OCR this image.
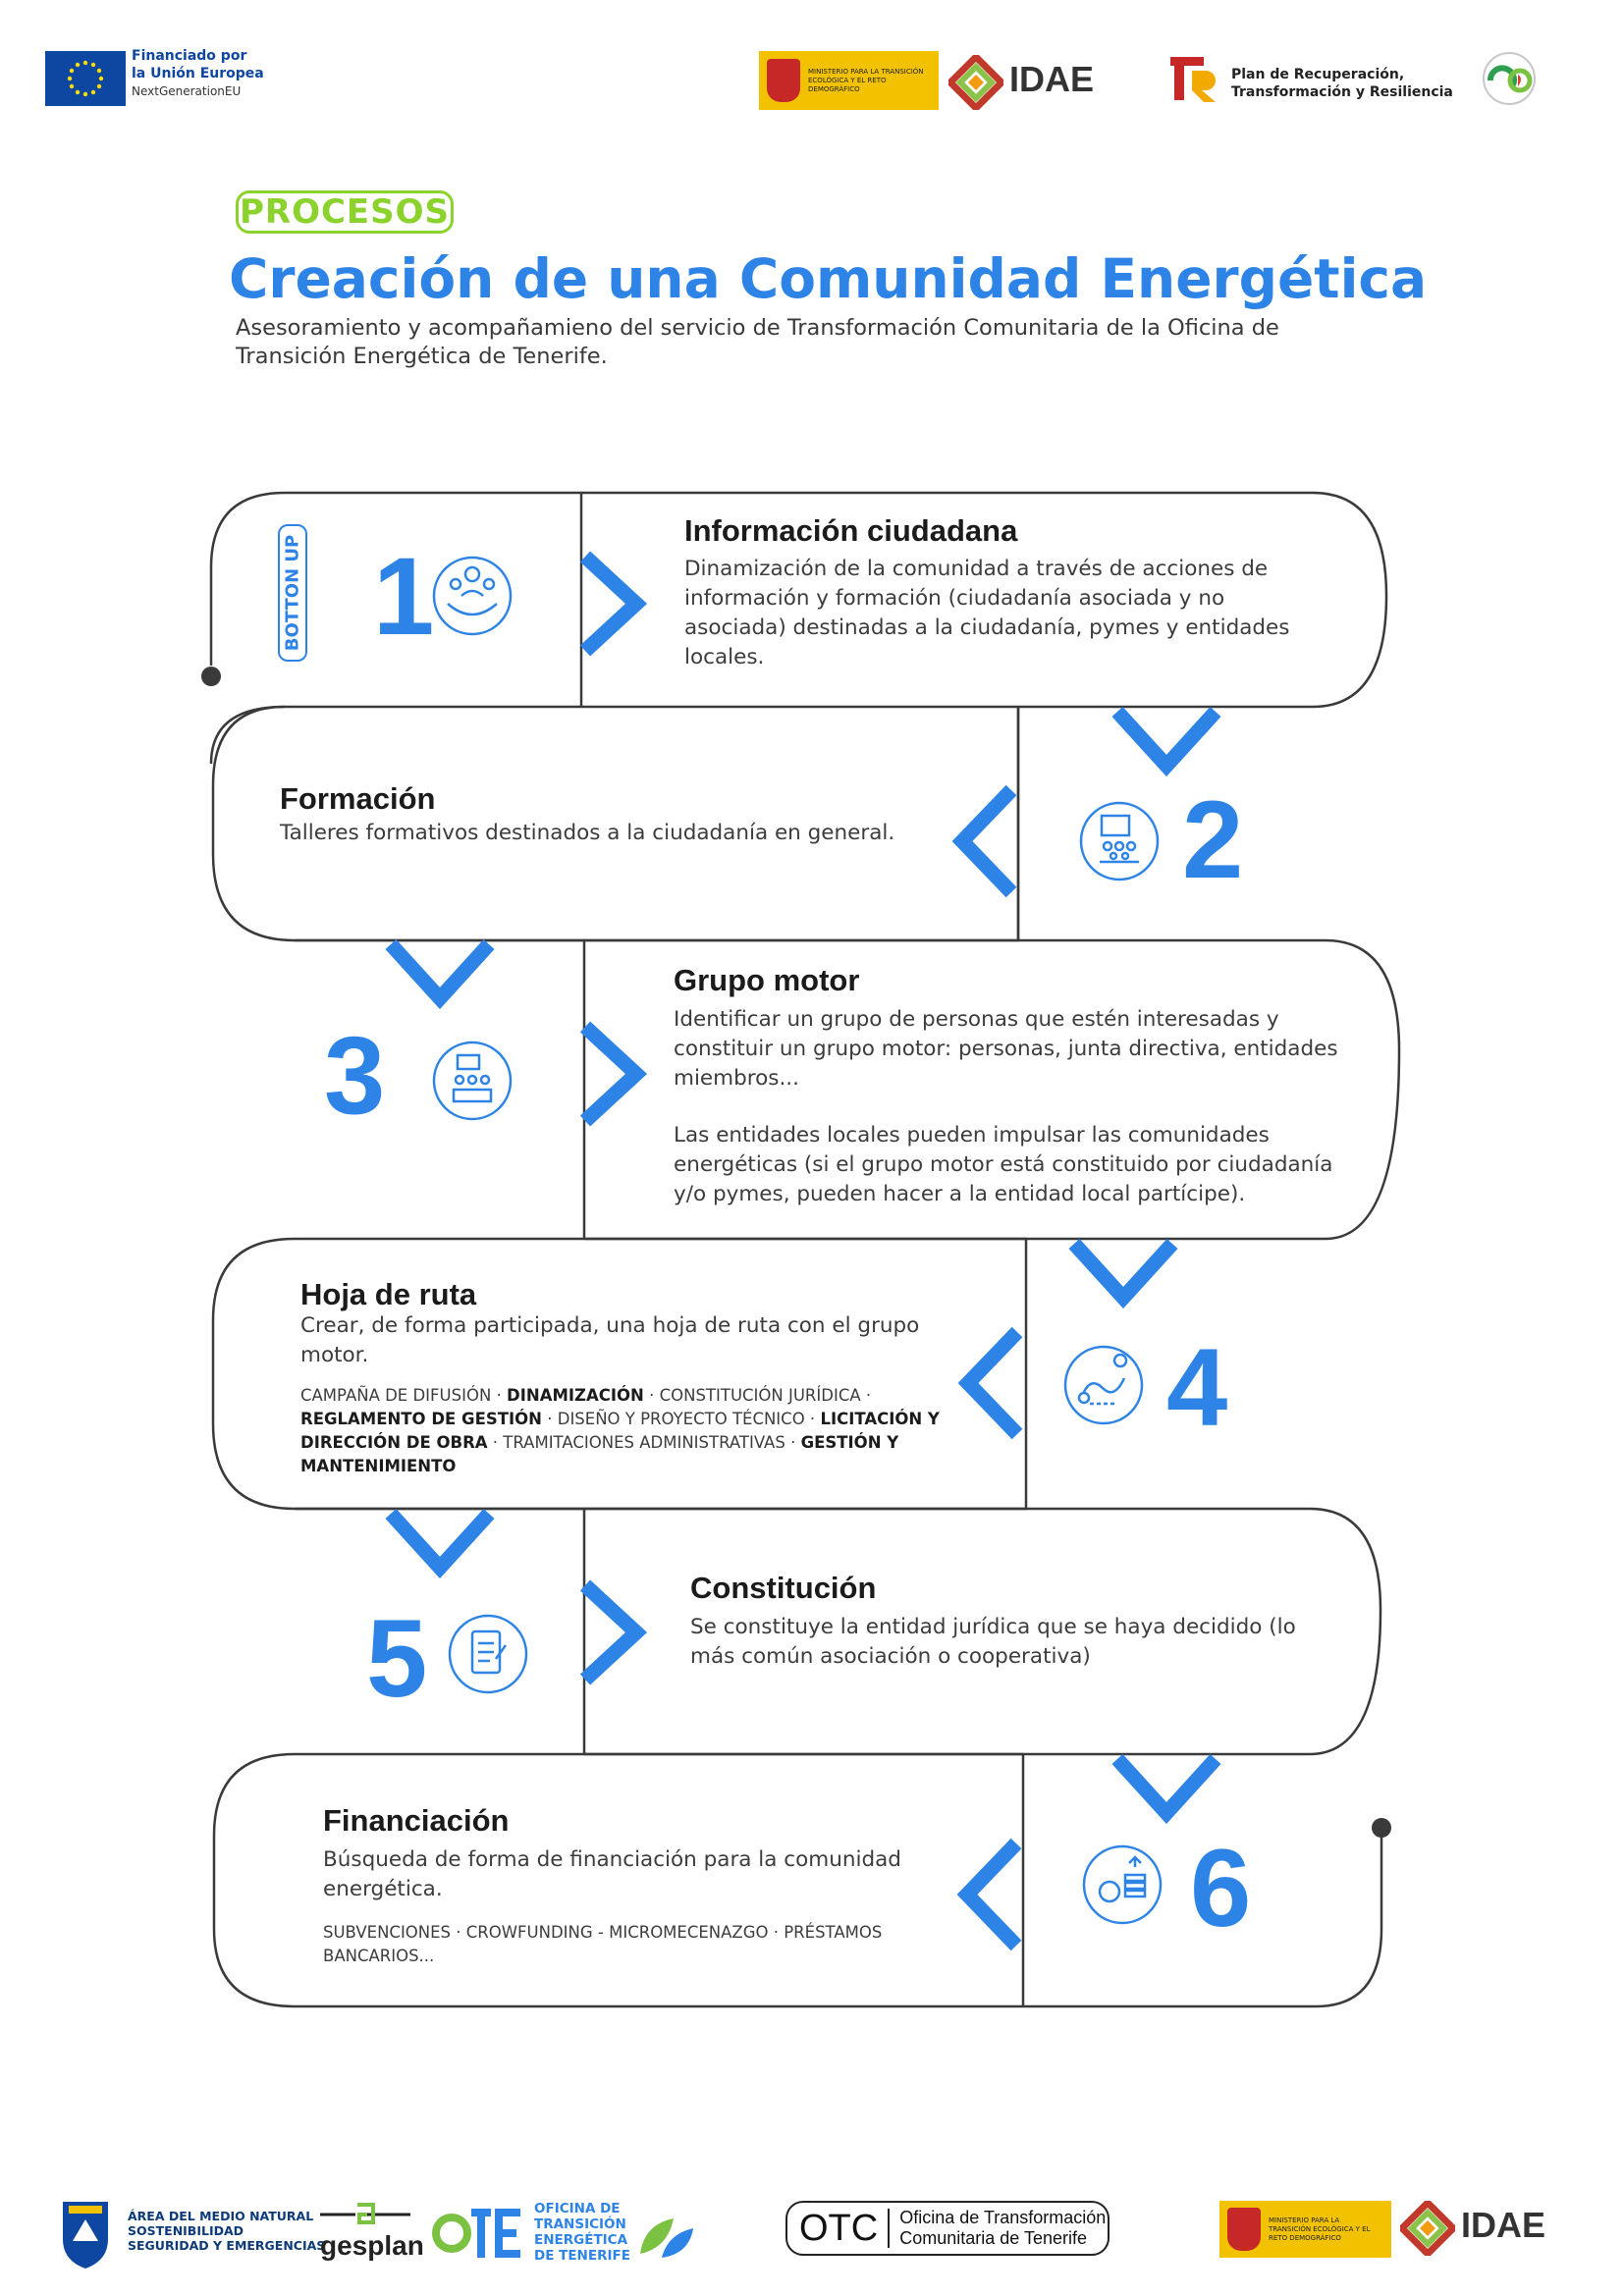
Financiado por
la Unión Europea
NextGenerationEU
MINISTERIO PARA LA TRANSICIÓN ECOLÓGICA Y EL RETO DEMOGRÁFICO	IDAE	Plan de Recuperación,
Transformación y Resiliencia
PROCESOS
Creación de una Comunidad Energética
Asesoramiento y acompañamieno del servicio de Transformación Comunitaria de la Oficina de Transición Energética de Tenerife.
BOTTON UP 1
2
3
4
5
6
Información ciudadana
Dinamización de la comunidad a través de acciones de información y formación (ciudadanía asociada y no asociada) destinadas a la ciudadanía, pymes y entidades locales.
Formación
Talleres formativos destinados a la ciudadanía en general.
Grupo motor
Identificar un grupo de personas que estén interesadas y constituir un grupo motor: personas, junta directiva, entidades miembros...
Las entidades locales pueden impulsar las comunidades energéticas (si el grupo motor está constituido por ciudadanía y/o pymes, pueden hacer a la entidad local partícipe).
Hoja de ruta
Crear, de forma participada, una hoja de ruta con el grupo motor.
CAMPAÑA DE DIFUSIÓN · DINAMIZACIÓN · CONSTITUCIÓN JURÍDICA · REGLAMENTO DE GESTIÓN · DISEÑO Y PROYECTO TÉCNICO · LICITACIÓN Y DIRECCIÓN DE OBRA · TRAMITACIONES ADMINISTRATIVAS · GESTIÓN Y MANTENIMIENTO
Constitución
Se constituye la entidad jurídica que se haya decidido (lo más común asociación o cooperativa)
Financiación
Búsqueda de forma de financiación para la comunidad energética.
SUBVENCIONES · CROWFUNDING - MICROMECENAZGO · PRÉSTAMOS BANCARIOS...
ÁREA DEL MEDIO NATURAL
SOSTENIBILIDAD
SEGURIDAD Y EMERGENCIAS
gesplan
OFICINA DE
TRANSICIÓN
ENERGÉTICA
DE TENERIFE
OTC	Oficina de Transformación
Comunitaria de Tenerife
MINISTERIO PARA LA TRANSICIÓN ECOLÓGICA Y EL RETO DEMOGRÁFICO	IDAE
